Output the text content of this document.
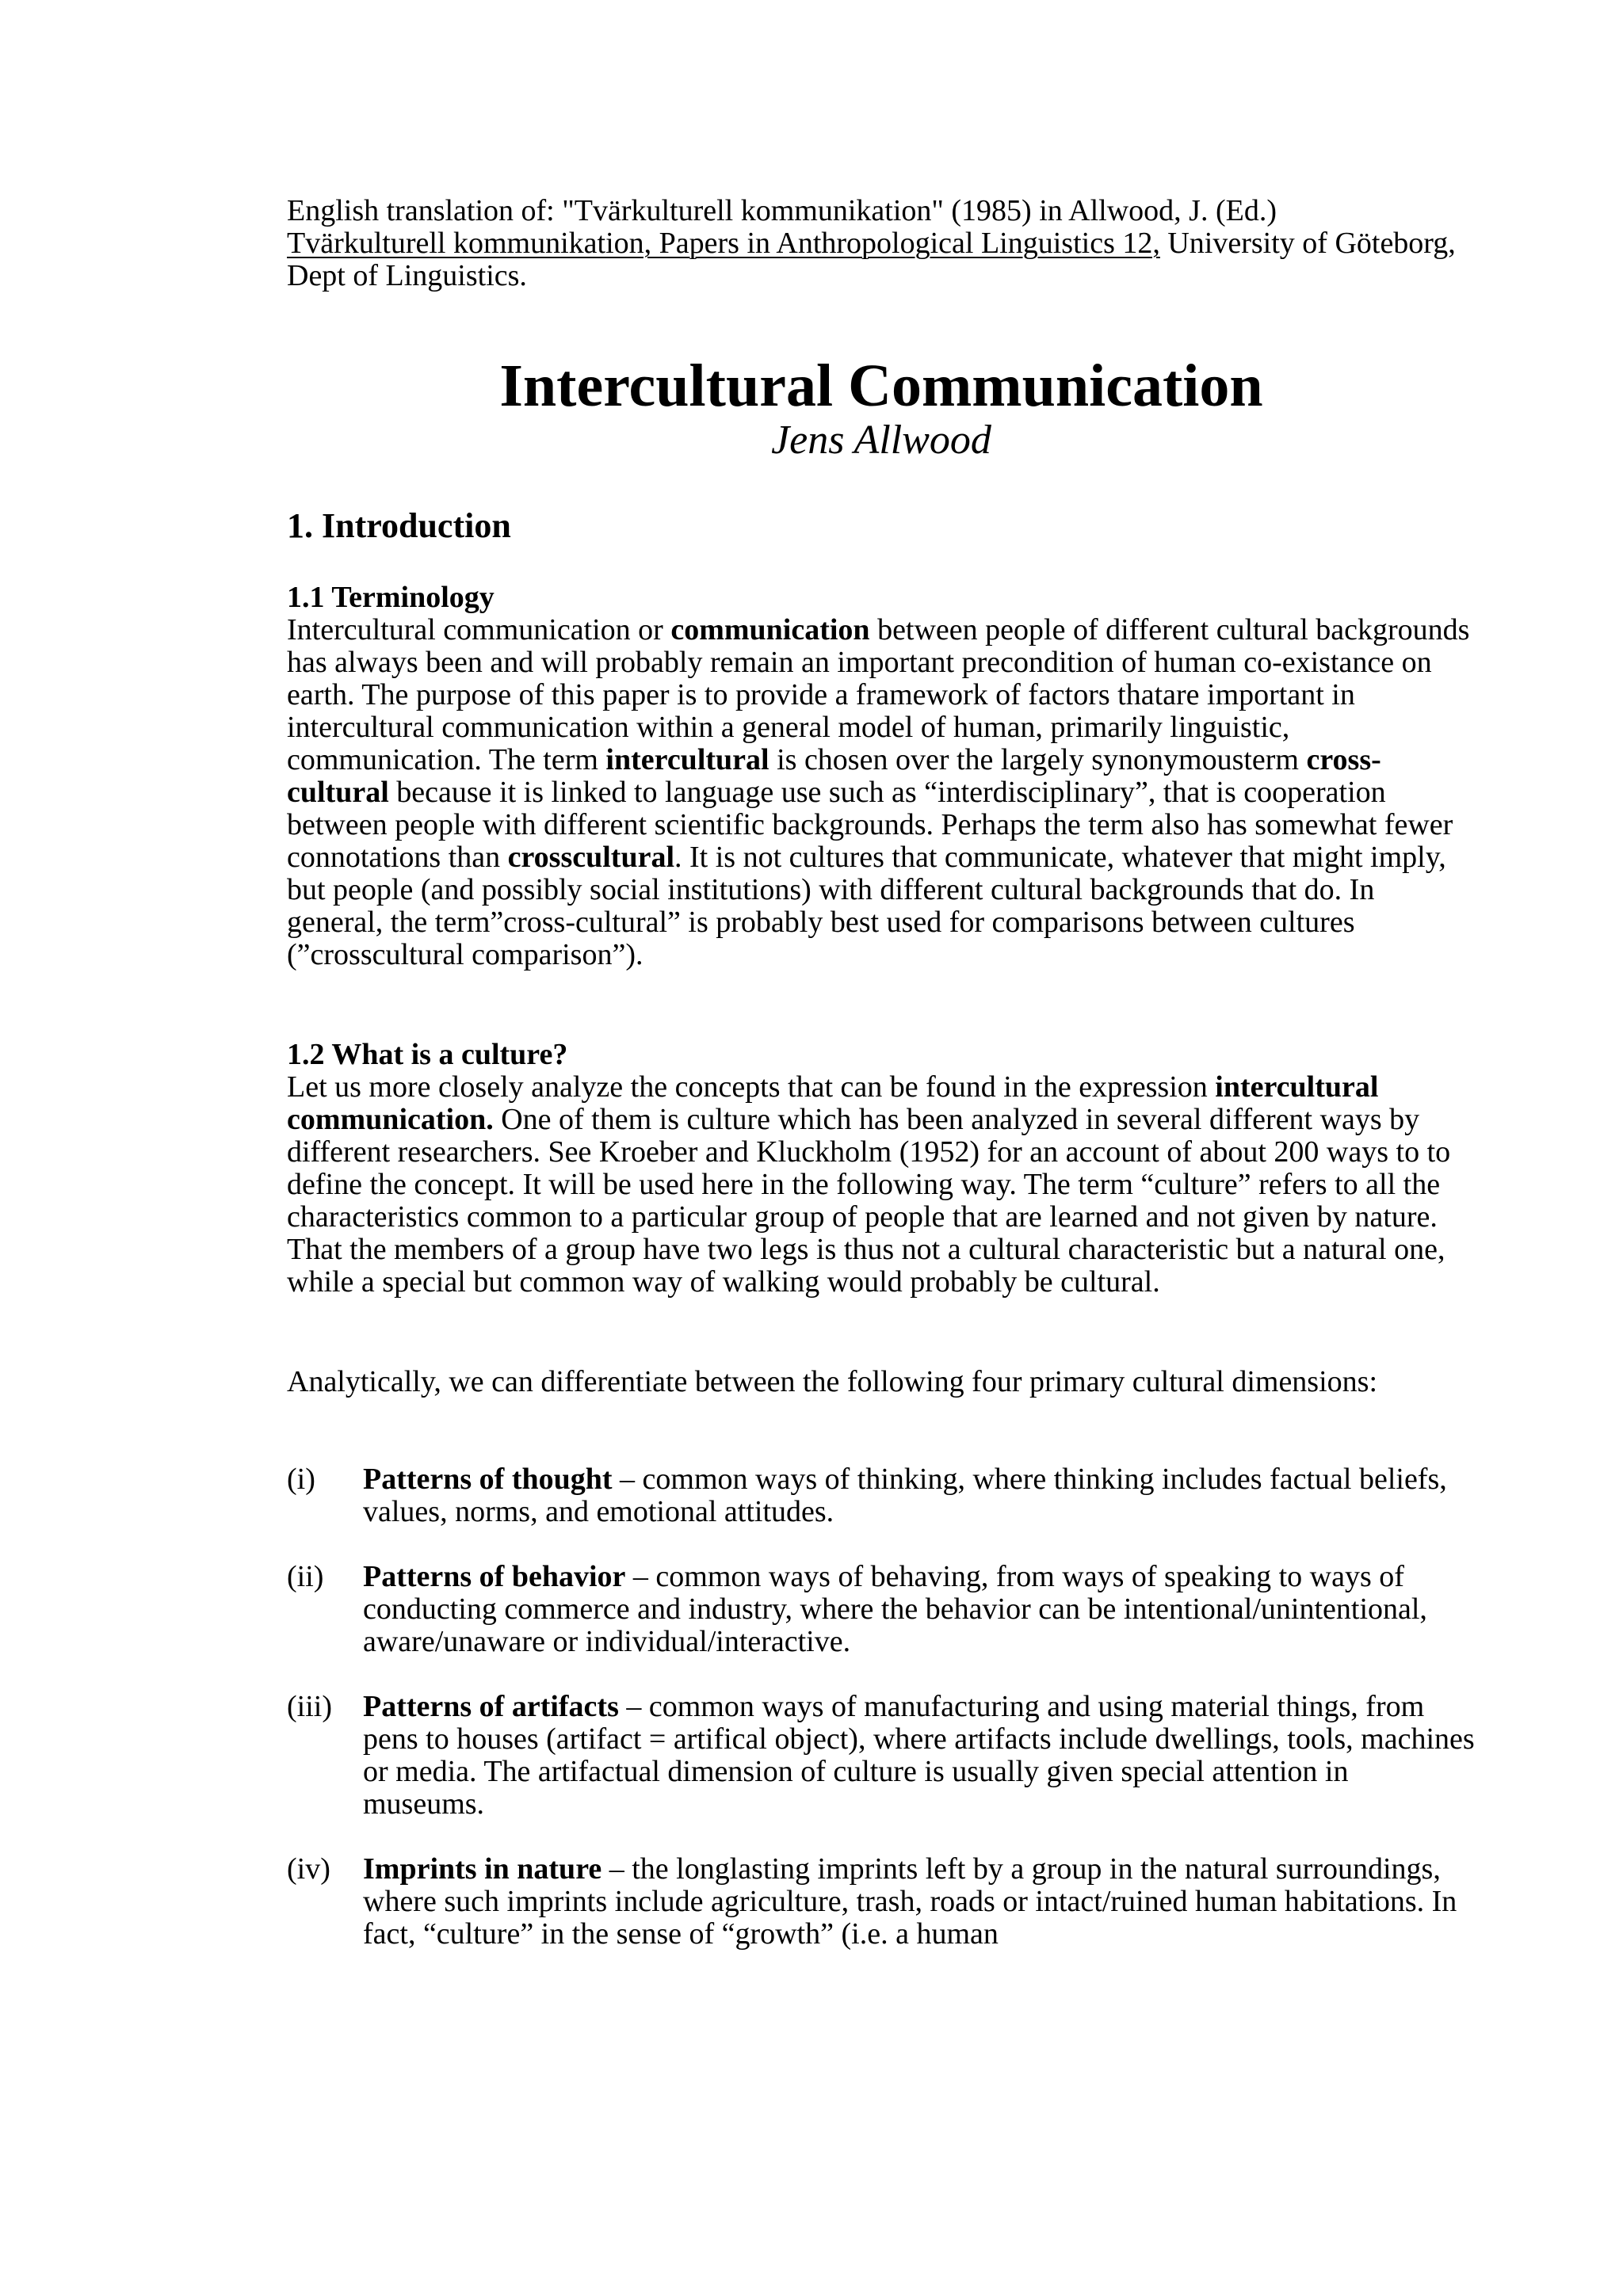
English translation of: "Tvärkulturell kommunikation" (1985) in Allwood, J. (Ed.)
Tvärkulturell kommunikation, Papers in Anthropological Linguistics 12, University of Göteborg, Dept of Linguistics.
Intercultural Communication
Jens Allwood
1. Introduction
1.1 Terminology

Intercultural communication or communication between people of different cultural backgrounds has always been and will probably remain an important precondition of human co-existance on earth. The purpose of this paper is to provide a framework of factors thatare important in intercultural communication within a general model of human, primarily linguistic, communication. The term intercultural is chosen over the largely synonymousterm cross-cultural because it is linked to language use such as “interdisciplinary”, that is cooperation between people with different scientific backgrounds. Perhaps the term also has somewhat fewer connotations than crosscultural. It is not cultures that communicate, whatever that might imply, but people (and possibly social institutions) with different cultural backgrounds that do. In general, the term”cross-cultural” is probably best used for comparisons between cultures (”crosscultural comparison”).

1.2 What is a culture?

Let us more closely analyze the concepts that can be found in the expression intercultural communication. One of them is culture which has been analyzed in several different ways by different researchers. See Kroeber and Kluckholm (1952) for an account of about 200 ways to to define the concept. It will be used here in the following way. The term “culture” refers to all the characteristics common to a particular group of people that are learned and not given by nature. That the members of a group have two legs is thus not a cultural characteristic but a natural one, while a special but common way of walking would probably be cultural.

Analytically, we can differentiate between the following four primary cultural dimensions:
(i) Patterns of thought – common ways of thinking, where thinking includes factual beliefs, values, norms, and emotional attitudes.
(ii) Patterns of behavior – common ways of behaving, from ways of speaking to ways of conducting commerce and industry, where the behavior can be intentional/unintentional, aware/unaware or individual/interactive.
(iii) Patterns of artifacts – common ways of manufacturing and using material things, from pens to houses (artifact = artifical object), where artifacts include dwellings, tools, machines or media. The artifactual dimension of culture is usually given special attention in museums.
(iv) Imprints in nature – the longlasting imprints left by a group in the natural surroundings, where such imprints include agriculture, trash, roads or intact/ruined human habitations. In fact, “culture” in the sense of “growth” (i.e. a human
